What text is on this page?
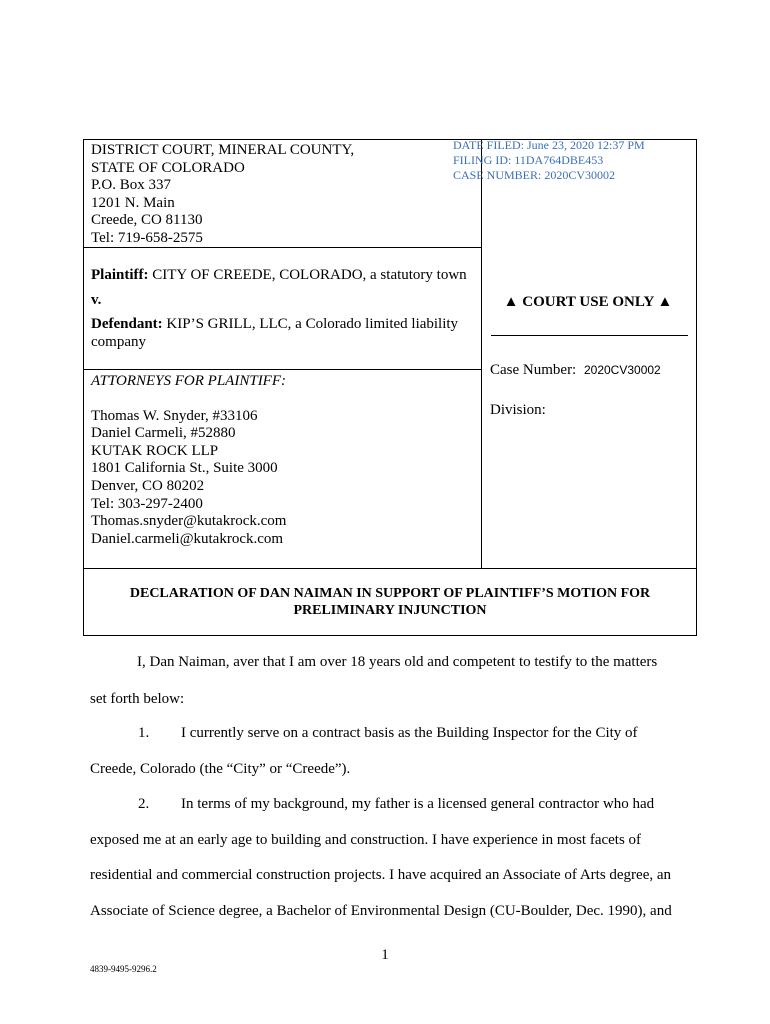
DISTRICT COURT, MINERAL COUNTY,
STATE OF COLORADO
P.O. Box 337
1201 N. Main
Creede, CO 81130
Tel: 719-658-2575
DATE FILED: June 23, 2020 12:37 PM
FILING ID: 11DA764DBE453
CASE NUMBER: 2020CV30002

Plaintiff: CITY OF CREEDE, COLORADO, a statutory town

v.

Defendant: KIP’S GRILL, LLC, a Colorado limited liability company

▲ COURT USE ONLY ▲
Case Number: 2020CV30002
Division:
ATTORNEYS FOR PLAINTIFF:
Thomas W. Snyder, #33106
Daniel Carmeli, #52880
KUTAK ROCK LLP
1801 California St., Suite 3000
Denver, CO 80202
Tel: 303-297-2400
Thomas.snyder@kutakrock.com
Daniel.carmeli@kutakrock.com
DECLARATION OF DAN NAIMAN IN SUPPORT OF PLAINTIFF’S MOTION FOR
PRELIMINARY INJUNCTION
I, Dan Naiman, aver that I am over 18 years old and competent to testify to the matters
set forth below:
1. I currently serve on a contract basis as the Building Inspector for the City of
Creede, Colorado (the “City” or “Creede”).
2. In terms of my background, my father is a licensed general contractor who had
exposed me at an early age to building and construction. I have experience in most facets of
residential and commercial construction projects. I have acquired an Associate of Arts degree, an
Associate of Science degree, a Bachelor of Environmental Design (CU-Boulder, Dec. 1990), and
1
4839-9495-9296.2
